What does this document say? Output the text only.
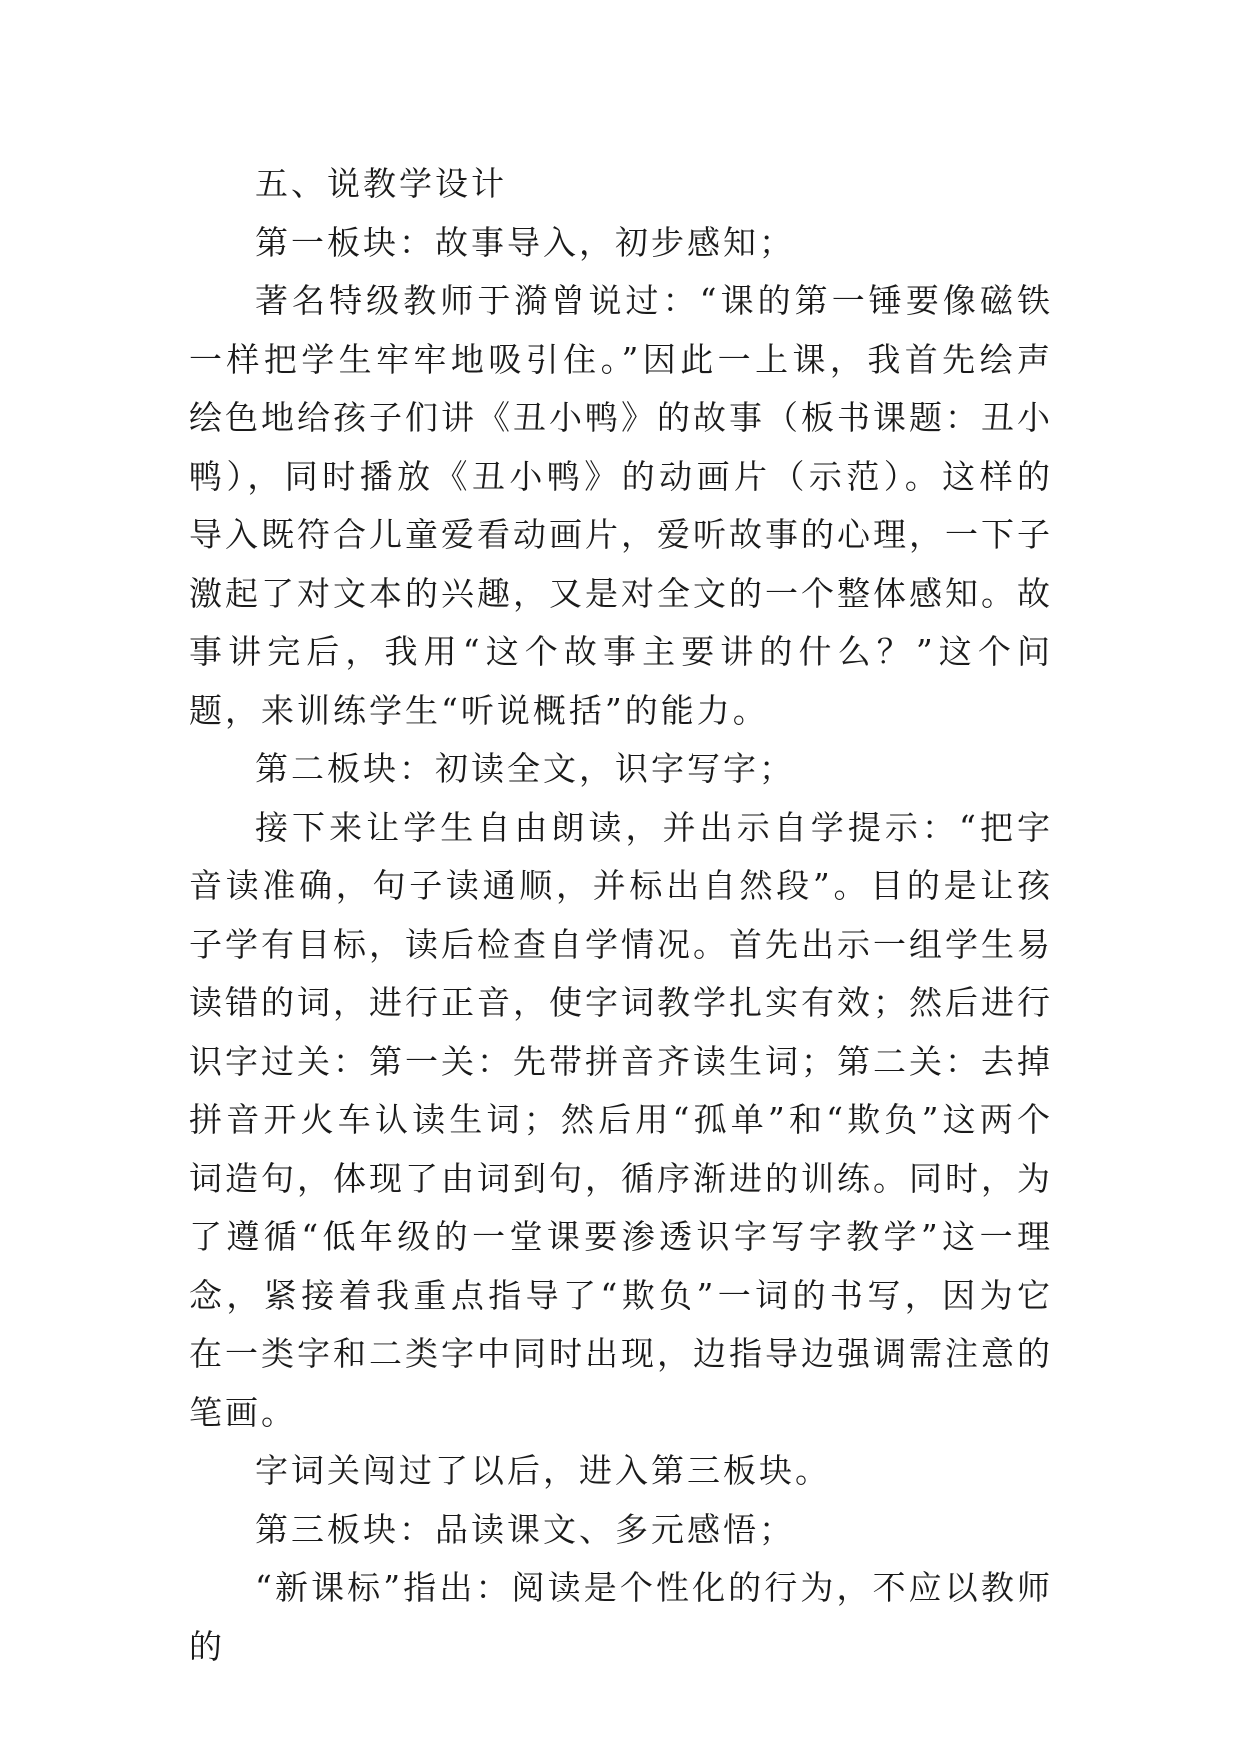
五、说教学设计

第一板块：故事导入，初步感知；

著名特级教师于漪曾说过：“课的第一锤要像磁铁一样把学生牢牢地吸引住。”因此一上课，我首先绘声绘色地给孩子们讲《丑小鸭》的故事（板书课题：丑小鸭），同时播放《丑小鸭》的动画片（示范）。这样的导入既符合儿童爱看动画片，爱听故事的心理，一下子激起了对文本的兴趣，又是对全文的一个整体感知。故事讲完后，我用“这个故事主要讲的什么？”这个问题，来训练学生“听说概括”的能力。

第二板块：初读全文，识字写字；

接下来让学生自由朗读，并出示自学提示：“把字音读准确，句子读通顺，并标出自然段”。目的是让孩子学有目标，读后检查自学情况。首先出示一组学生易读错的词，进行正音，使字词教学扎实有效；然后进行识字过关：第一关：先带拼音齐读生词；第二关：去掉拼音开火车认读生词；然后用“孤单”和“欺负”这两个词造句，体现了由词到句，循序渐进的训练。同时，为了遵循“低年级的一堂课要渗透识字写字教学”这一理念，紧接着我重点指导了“欺负”一词的书写，因为它在一类字和二类字中同时出现，边指导边强调需注意的笔画。

字词关闯过了以后，进入第三板块。

第三板块：品读课文、多元感悟；

“新课标”指出：阅读是个性化的行为，不应以教师的
